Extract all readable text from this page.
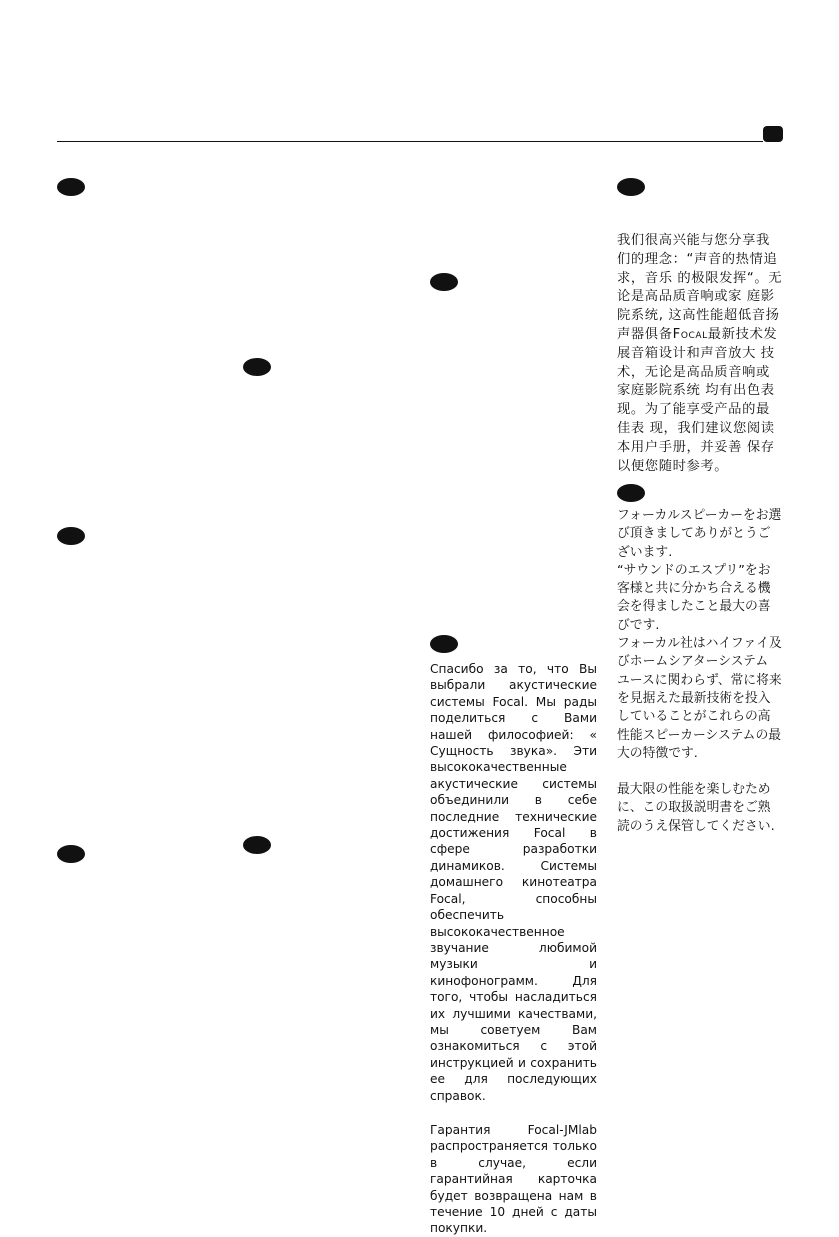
我们很高兴能与您分享我们的理念：“声音的热情追求，音乐 的极限发挥“。无论是高品质音响或家 庭影院系统, 这高性能超低音扬声器俱备Focal最新技术发展音箱设计和声音放大 技术，无论是高品质音响或家庭影院系统 均有出色表现。为了能享受产品的最佳表 现，我们建议您阅读本用户手册，并妥善 保存以便您随时参考。

フォーカルスピーカーをお選び頂きましてありがとうございます.
“サウンドのエスプリ”をお客様と共に分かち合える機会を得ましたこと最大の喜びです.
フォーカル社はハイファイ及びホームシアターシステム　ユースに関わらず、常に将来を見据えた最新技術を投入していることがこれらの高性能スピーカーシステムの最大の特徴です.

最大限の性能を楽しむために、この取扱説明書をご熟読のうえ保管してください.

Спасибо за то, что Вы выбрали акустические системы Focal. Мы рады поделиться с Вами нашей философией: « Сущность звука». Эти высококачественные акустические системы объединили в себе последние технические достижения Focal в сфере разработки динамиков. Системы домашнего кинотеатра Focal, способны обеспечить высококачественное звучание любимой музыки и кинофонограмм. Для того, чтобы насладиться их лучшими качествами, мы советуем Вам ознакомиться с этой инструкцией и сохранить ее для последующих справок.

Гарантия Focal-JMlab распространяется только в случае, если гарантийная карточка будет возвращена нам в течение 10 дней с даты покупки.
